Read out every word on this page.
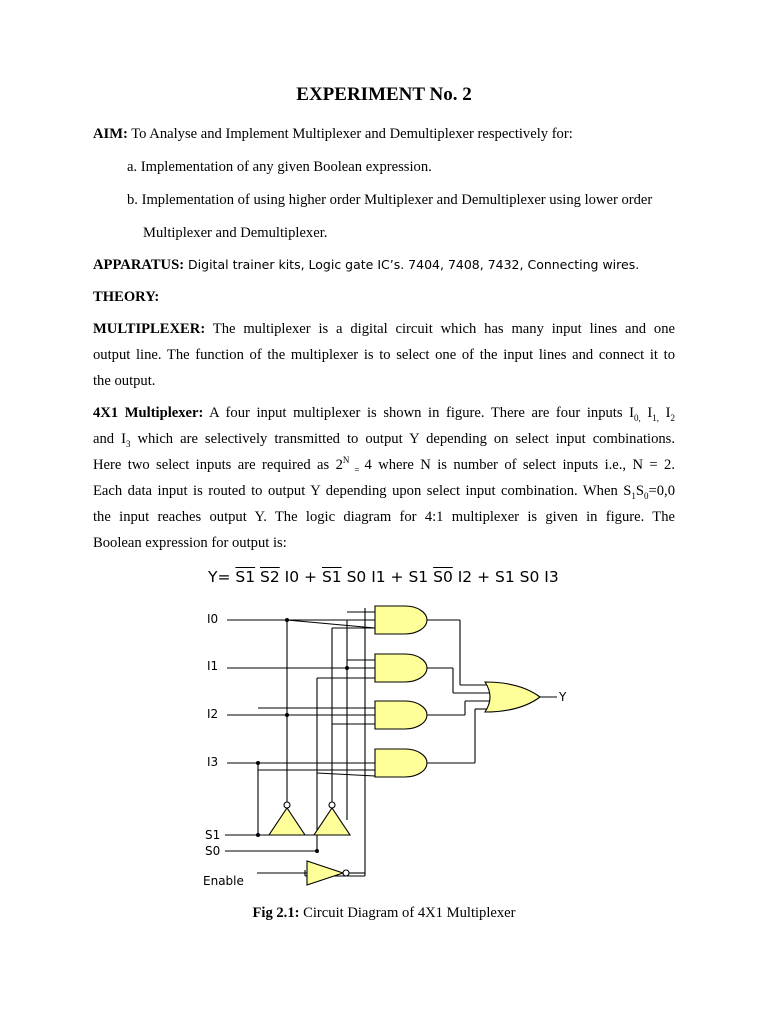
EXPERIMENT No. 2

AIM: To Analyse and Implement Multiplexer and Demultiplexer respectively for:

a. Implementation of any given Boolean expression.

b. Implementation of using higher order Multiplexer and Demultiplexer using lower order

Multiplexer and Demultiplexer.

APPARATUS: Digital trainer kits, Logic gate IC’s. 7404, 7408, 7432, Connecting wires.

THEORY:

MULTIPLEXER: The multiplexer is a digital circuit which has many input lines and one

output line. The function of the multiplexer is to select one of the input lines and connect it to

the output.

4X1 Multiplexer: A four input multiplexer is shown in figure. There are four inputs $I_{0,}$ $I_{1,}$ $I_2$

and $I_3$ which are selectively transmitted to output Y depending on select input combinations.

Here two select inputs are required as $2^N$ $_=$ 4 where N is number of select inputs i.e., N = 2.

Each data input is routed to output Y depending upon select input combination. When $S_1S_0=0,0$

the input reaches output Y. The logic diagram for 4:1 multiplexer is given in figure. The

Boolean expression for output is:

Y= S1 S2 I0 + S1 S0 I1 + S1 S0 I2 + S1 S0 I3
I0
I1
I2
I3
S1
S0
Enable
Y

Fig 2.1: Circuit Diagram of 4X1 Multiplexer
